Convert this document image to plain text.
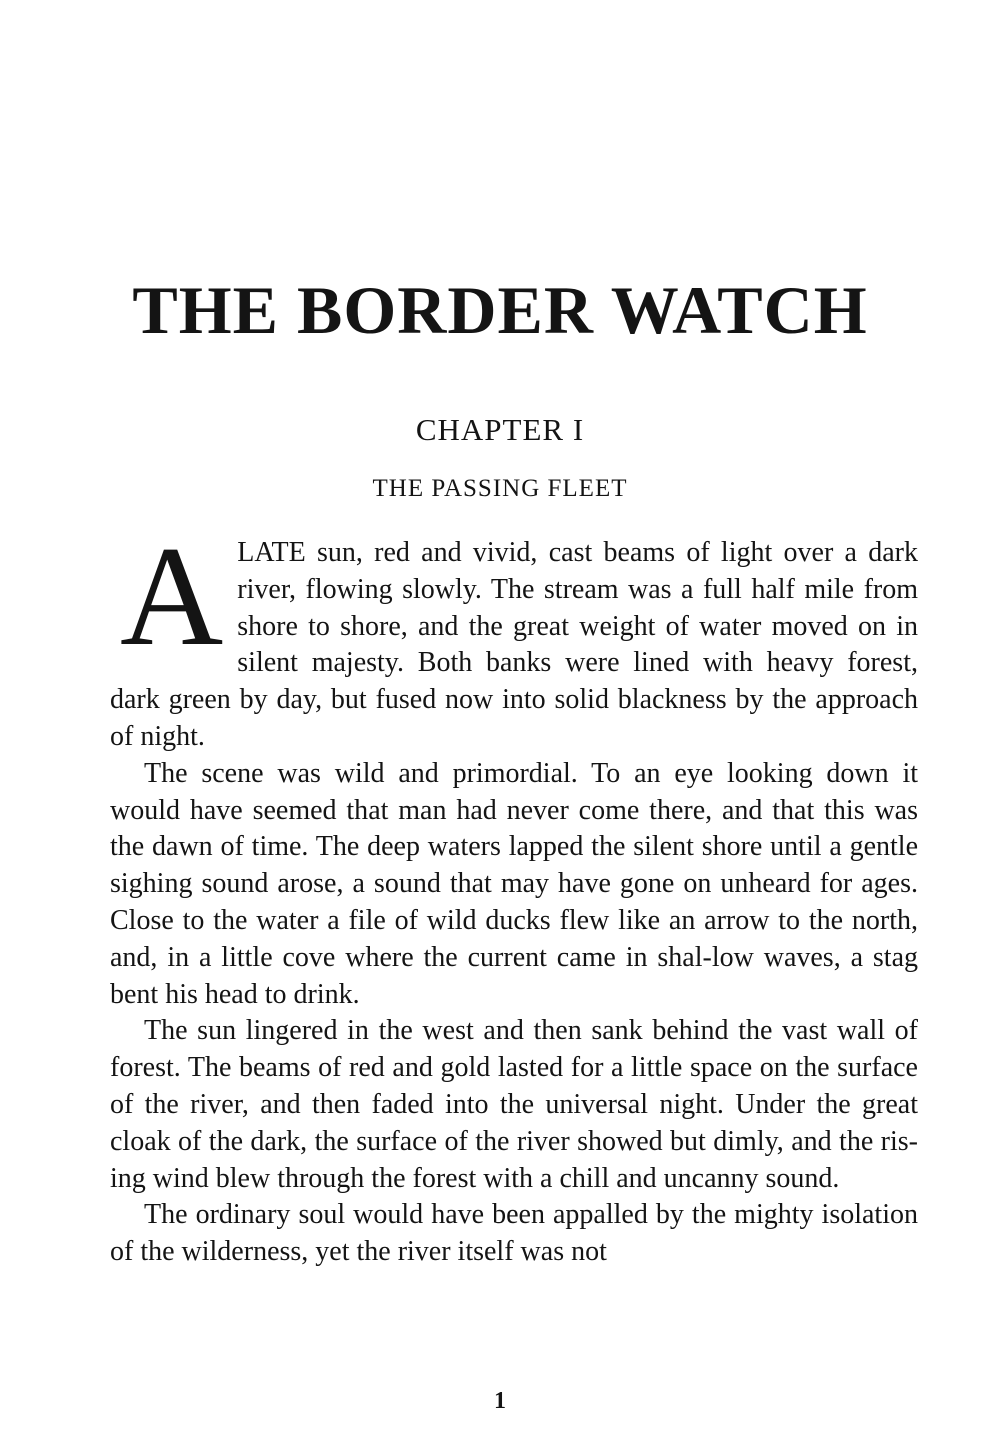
THE BORDER WATCH
CHAPTER I
THE PASSING FLEET

ALATE sun, red and vivid, cast beams of light over a dark river, flowing slowly. The stream was a full half mile from shore to shore, and the great weight of water moved on in silent majesty. Both banks were lined with heavy forest, dark green by day, but fused now into solid blackness by the approach of night.

The scene was wild and primordial. To an eye looking down it would have seemed that man had never come there, and that this was the dawn of time. The deep waters lapped the silent shore until a gentle sighing sound arose, a sound that may have gone on unheard for ages. Close to the water a file of wild ducks flew like an arrow to the north, and, in a little cove where the current came in shal-low waves, a stag bent his head to drink.

The sun lingered in the west and then sank behind the vast wall of forest. The beams of red and gold lasted for a little space on the surface of the river, and then faded into the universal night. Under the great cloak of the dark, the surface of the river showed but dimly, and the ris-ing wind blew through the forest with a chill and uncanny sound.

The ordinary soul would have been appalled by the mighty isolation of the wilderness, yet the river itself was not

1
